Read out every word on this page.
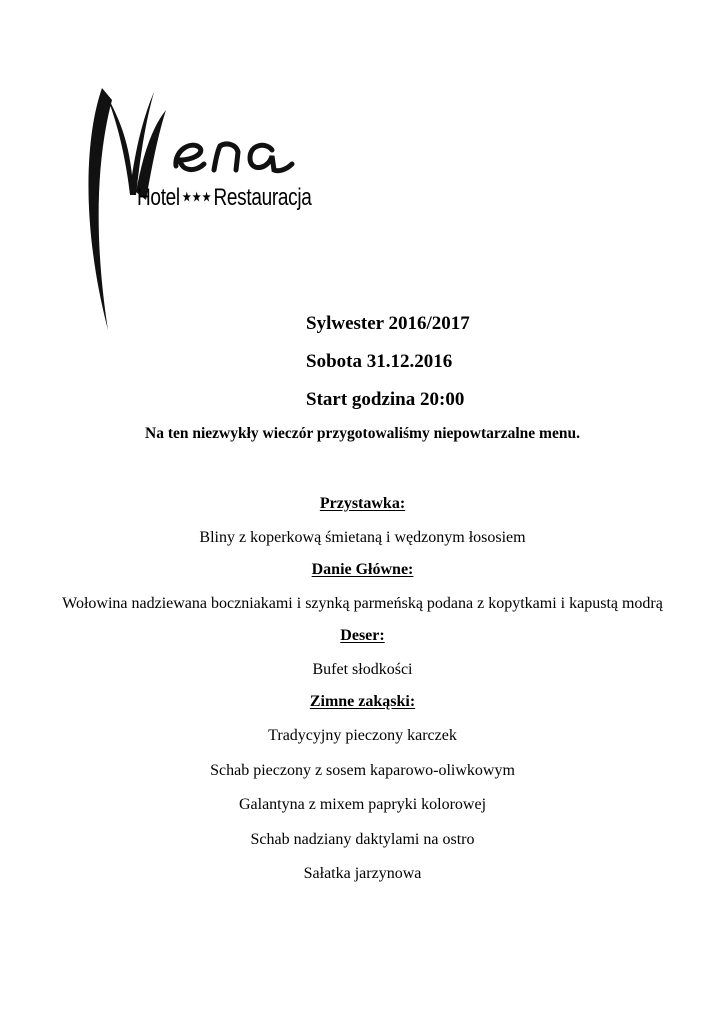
Hotel ★★★ Restauracja
Sylwester 2016/2017
Sobota 31.12.2016
Start godzina 20:00
Na ten niezwykły wieczór przygotowaliśmy niepowtarzalne menu.

Przystawka:

Bliny z koperkową śmietaną i wędzonym łososiem

Danie Główne:

Wołowina nadziewana boczniakami i szynką parmeńską podana z kopytkami i kapustą modrą

Deser:

Bufet słodkości

Zimne zakąski:

Tradycyjny pieczony karczek

Schab pieczony z sosem kaparowo-oliwkowym

Galantyna z mixem papryki kolorowej

Schab nadziany daktylami na ostro

Sałatka jarzynowa
